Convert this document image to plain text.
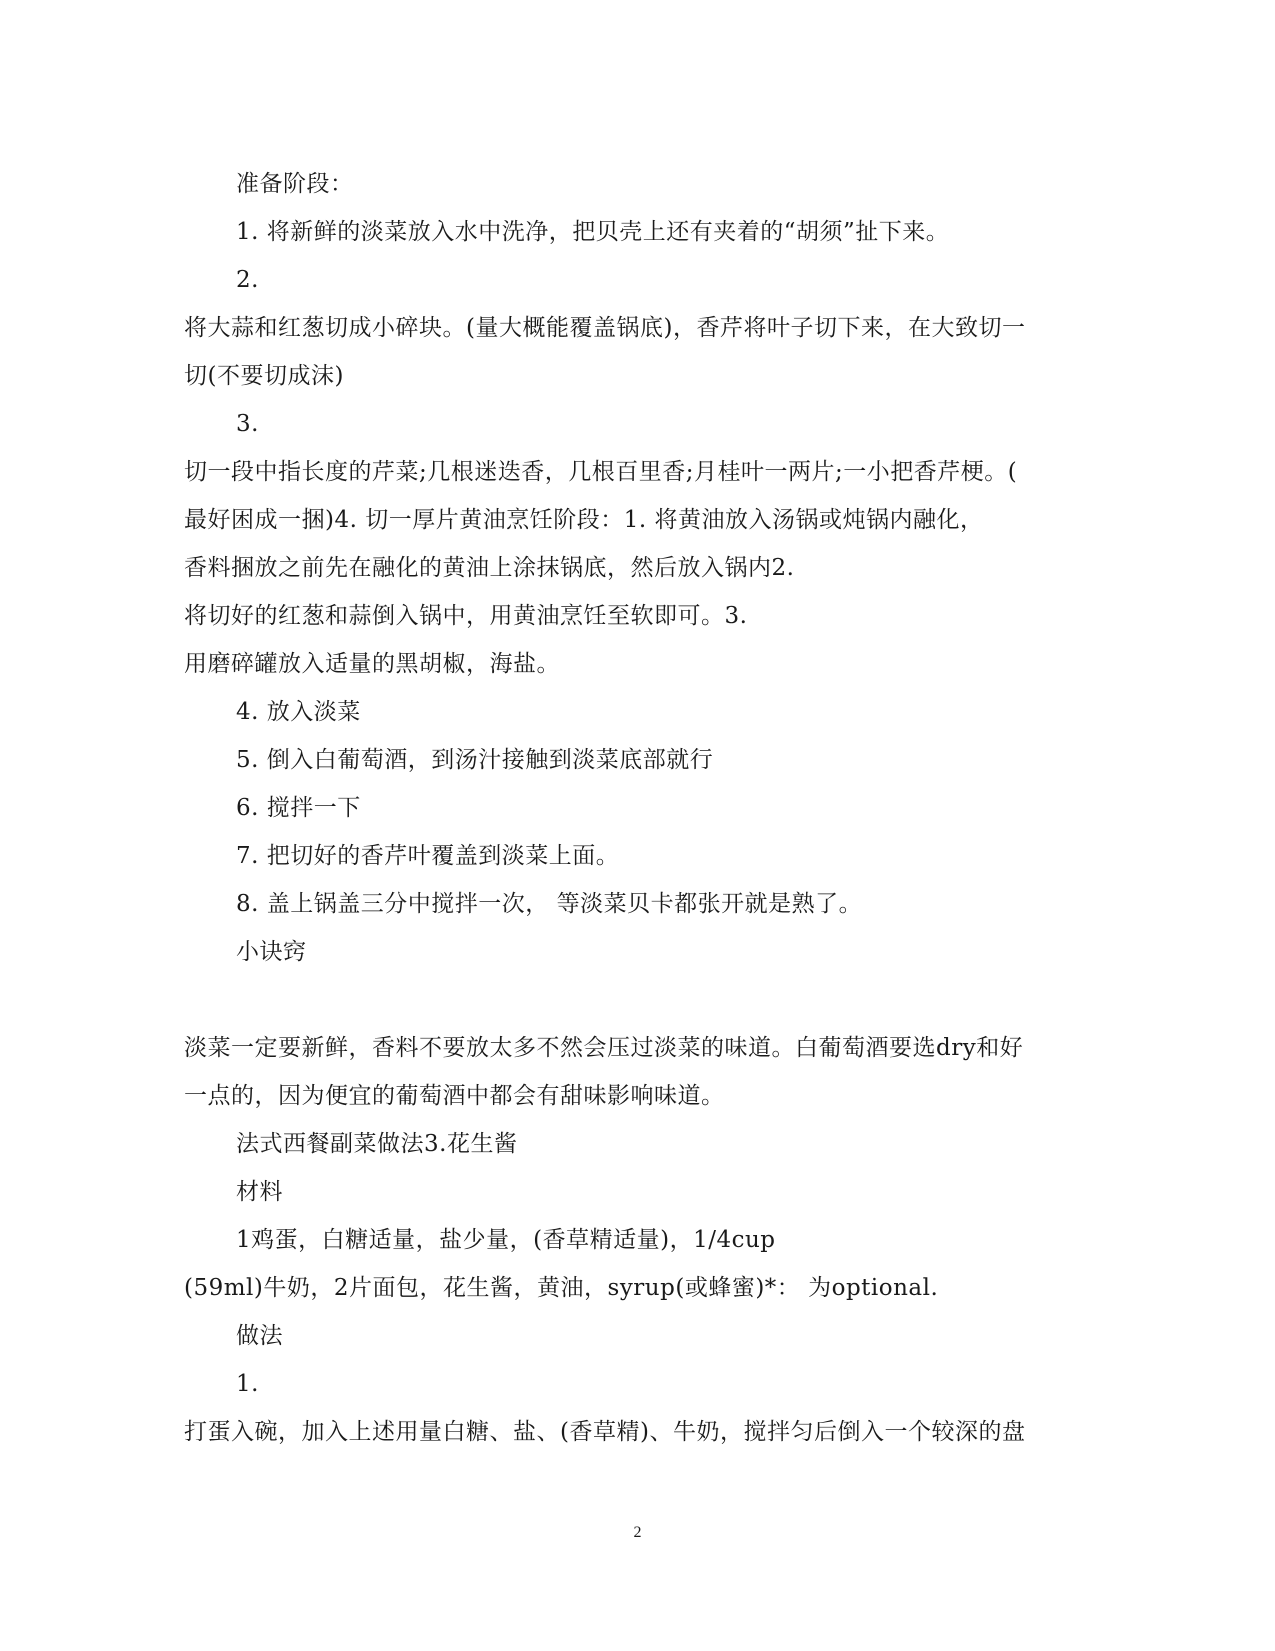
准备阶段：
1. 将新鲜的淡菜放入水中洗净，把贝壳上还有夹着的“胡须”扯下来。
2.
将大蒜和红葱切成小碎块。(量大概能覆盖锅底)，香芹将叶子切下来，在大致切一
切(不要切成沫)
3.
切一段中指长度的芹菜;几根迷迭香，几根百里香;月桂叶一两片;一小把香芹梗。(
最好困成一捆)4. 切一厚片黄油烹饪阶段：1. 将黄油放入汤锅或炖锅内融化，
香料捆放之前先在融化的黄油上涂抹锅底，然后放入锅内2.
将切好的红葱和蒜倒入锅中，用黄油烹饪至软即可。3.
用磨碎罐放入适量的黑胡椒，海盐。
4. 放入淡菜
5. 倒入白葡萄酒，到汤汁接触到淡菜底部就行
6. 搅拌一下
7. 把切好的香芹叶覆盖到淡菜上面。
8. 盖上锅盖三分中搅拌一次， 等淡菜贝卡都张开就是熟了。
小诀窍
淡菜一定要新鲜，香料不要放太多不然会压过淡菜的味道。白葡萄酒要选dry和好
一点的，因为便宜的葡萄酒中都会有甜味影响味道。
法式西餐副菜做法3.花生酱
材料
1鸡蛋，白糖适量，盐少量，(香草精适量)，1/4cup
(59ml)牛奶，2片面包，花生酱，黄油，syrup(或蜂蜜)*： 为optional.
做法
1.
打蛋入碗，加入上述用量白糖、盐、(香草精)、牛奶，搅拌匀后倒入一个较深的盘
2
